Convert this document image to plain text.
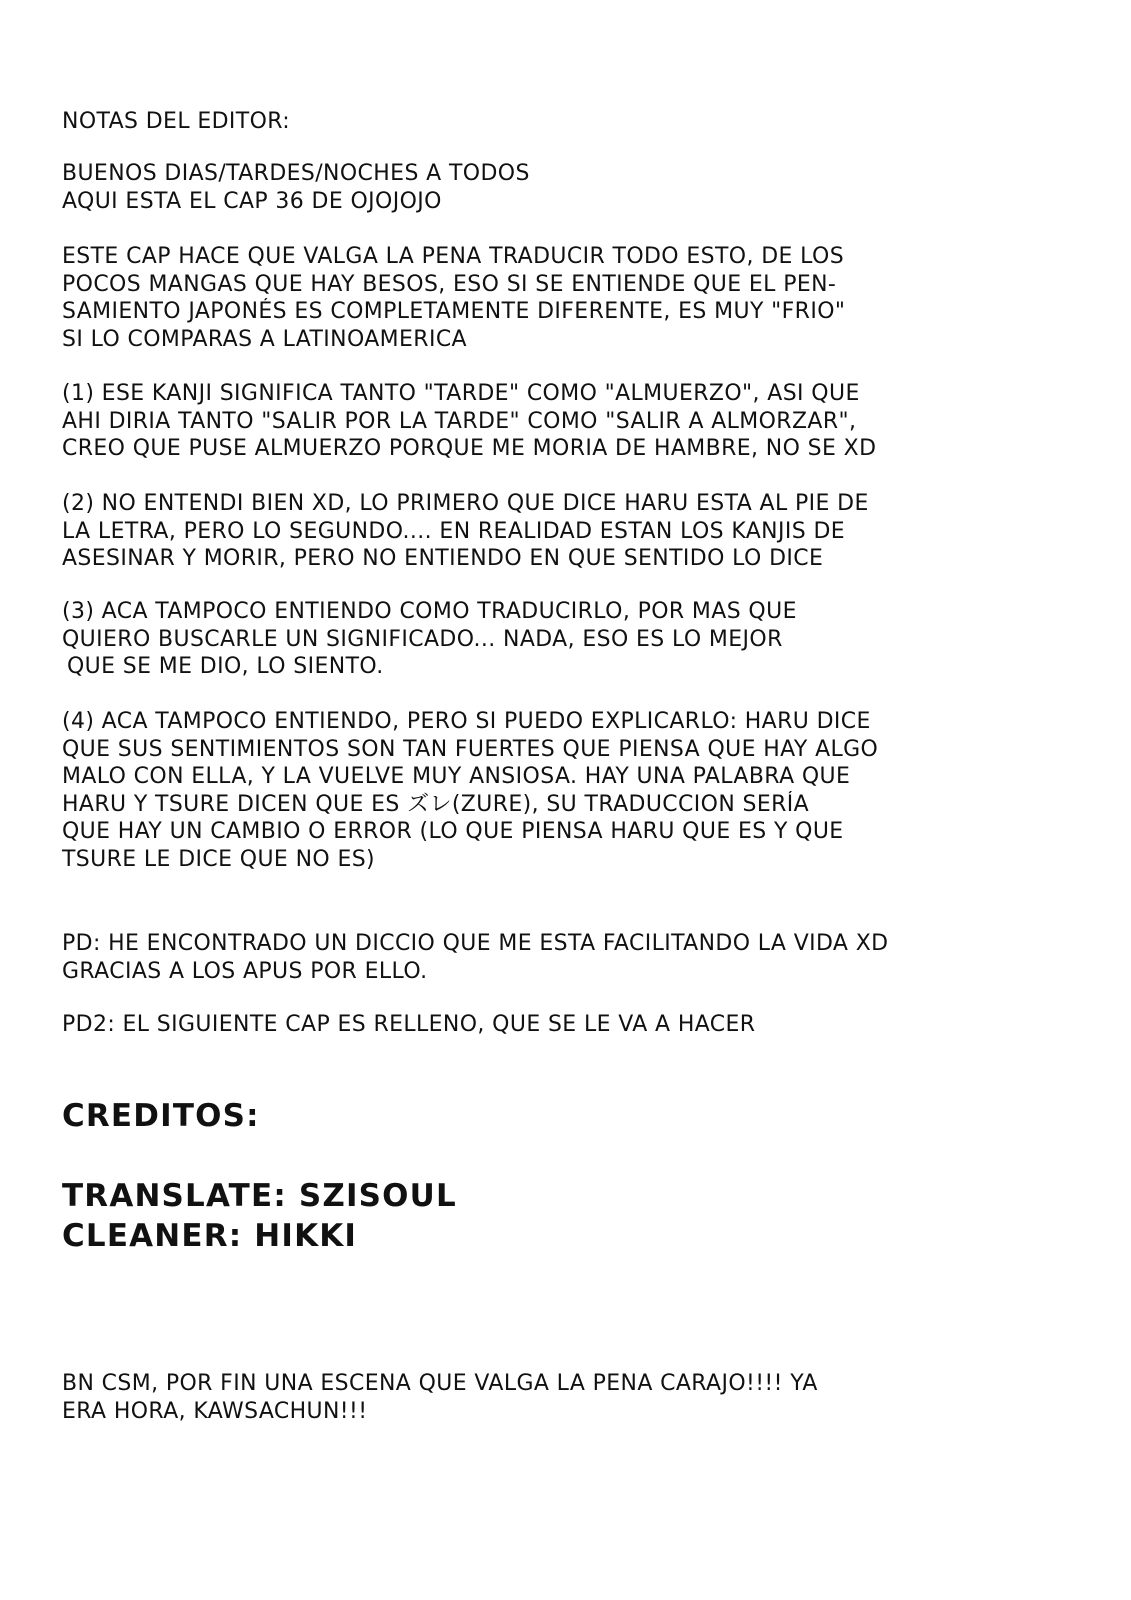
NOTAS DEL EDITOR:

BUENOS DIAS/TARDES/NOCHES A TODOS
AQUI ESTA EL CAP 36 DE OJOJOJO

ESTE CAP HACE QUE VALGA LA PENA TRADUCIR TODO ESTO, DE LOS
POCOS MANGAS QUE HAY BESOS, ESO SI SE ENTIENDE QUE EL PEN-
SAMIENTO JAPONÉS ES COMPLETAMENTE DIFERENTE, ES MUY "FRIO"
SI LO COMPARAS A LATINOAMERICA

(1) ESE KANJI SIGNIFICA TANTO "TARDE" COMO "ALMUERZO", ASI QUE
AHI DIRIA TANTO "SALIR POR LA TARDE" COMO "SALIR A ALMORZAR",
CREO QUE PUSE ALMUERZO PORQUE ME MORIA DE HAMBRE, NO SE XD

(2) NO ENTENDI BIEN XD, LO PRIMERO QUE DICE HARU ESTA AL PIE DE
LA LETRA, PERO LO SEGUNDO.... EN REALIDAD ESTAN LOS KANJIS DE
ASESINAR Y MORIR, PERO NO ENTIENDO EN QUE SENTIDO LO DICE

(3) ACA TAMPOCO ENTIENDO COMO TRADUCIRLO, POR MAS QUE
QUIERO BUSCARLE UN SIGNIFICADO... NADA, ESO ES LO MEJOR
QUE SE ME DIO, LO SIENTO.

(4) ACA TAMPOCO ENTIENDO, PERO SI PUEDO EXPLICARLO: HARU DICE
QUE SUS SENTIMIENTOS SON TAN FUERTES QUE PIENSA QUE HAY ALGO
MALO CON ELLA, Y LA VUELVE MUY ANSIOSA. HAY UNA PALABRA QUE
HARU Y TSURE DICEN QUE ES ズレ(ZURE), SU TRADUCCION SERÍA
QUE HAY UN CAMBIO O ERROR (LO QUE PIENSA HARU QUE ES Y QUE
TSURE LE DICE QUE NO ES)

PD: HE ENCONTRADO UN DICCIO QUE ME ESTA FACILITANDO LA VIDA XD
GRACIAS A LOS APUS POR ELLO.

PD2: EL SIGUIENTE CAP ES RELLENO, QUE SE LE VA A HACER

CREDITOS:

TRANSLATE: SZISOUL
CLEANER: HIKKI

BN CSM, POR FIN UNA ESCENA QUE VALGA LA PENA CARAJO!!!! YA
ERA HORA, KAWSACHUN!!!
